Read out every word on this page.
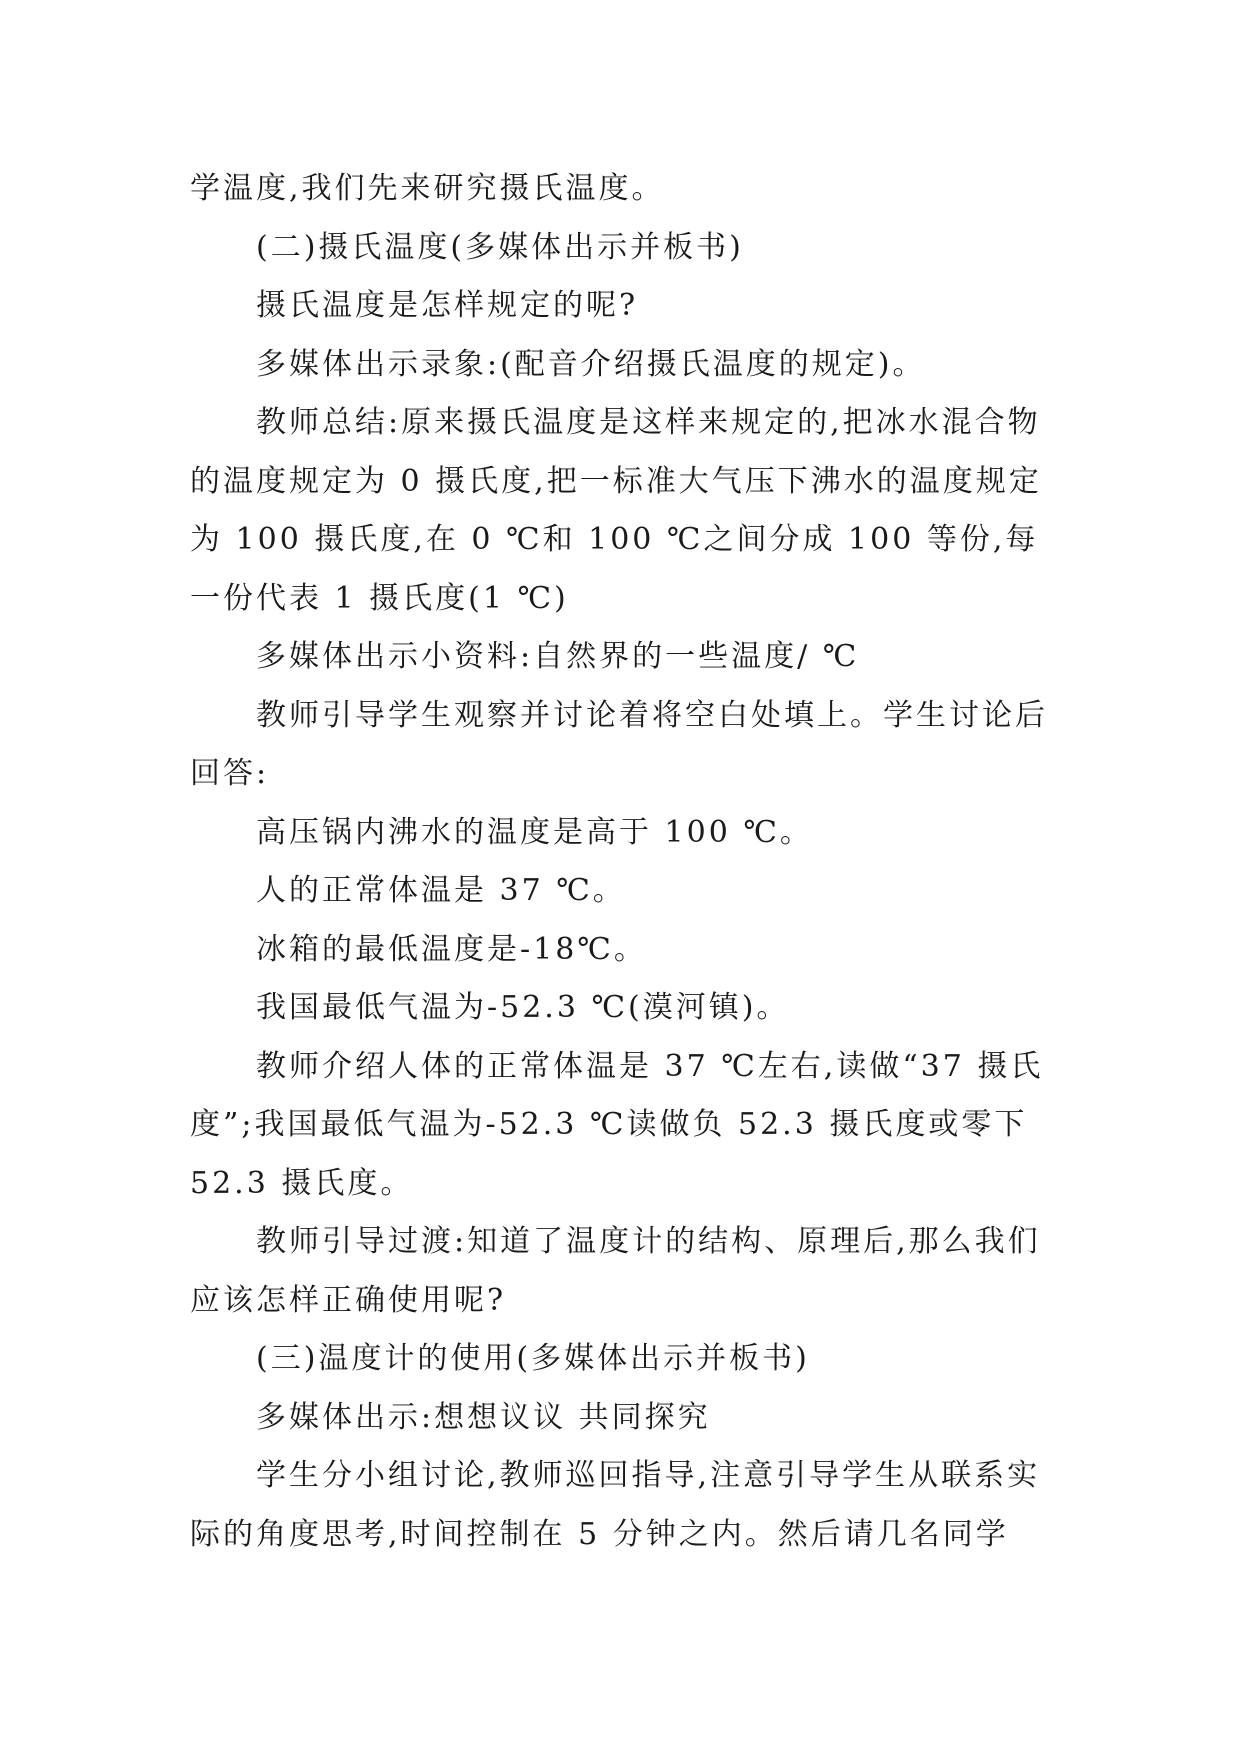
学温度,我们先来研究摄氏温度。

(二)摄氏温度(多媒体出示并板书)

摄氏温度是怎样规定的呢?

多媒体出示录象:(配音介绍摄氏温度的规定)。

教师总结:原来摄氏温度是这样来规定的,把冰水混合物的温度规定为 0 摄氏度,把一标准大气压下沸水的温度规定为 100 摄氏度,在 0 ℃和 100 ℃之间分成 100 等份,每一份代表 1 摄氏度(1 ℃)

多媒体出示小资料:自然界的一些温度/ ℃

教师引导学生观察并讨论着将空白处填上。学生讨论后回答:

高压锅内沸水的温度是高于 100 ℃。

人的正常体温是 37 ℃。

冰箱的最低温度是-18℃。

我国最低气温为-52.3 ℃(漠河镇)。

教师介绍人体的正常体温是 37 ℃左右,读做“37 摄氏度”;我国最低气温为-52.3 ℃读做负 52.3 摄氏度或零下 52.3 摄氏度。

教师引导过渡:知道了温度计的结构、原理后,那么我们应该怎样正确使用呢?

(三)温度计的使用(多媒体出示并板书)

多媒体出示:想想议议 共同探究

学生分小组讨论,教师巡回指导,注意引导学生从联系实际的角度思考,时间控制在 5 分钟之内。然后请几名同学
